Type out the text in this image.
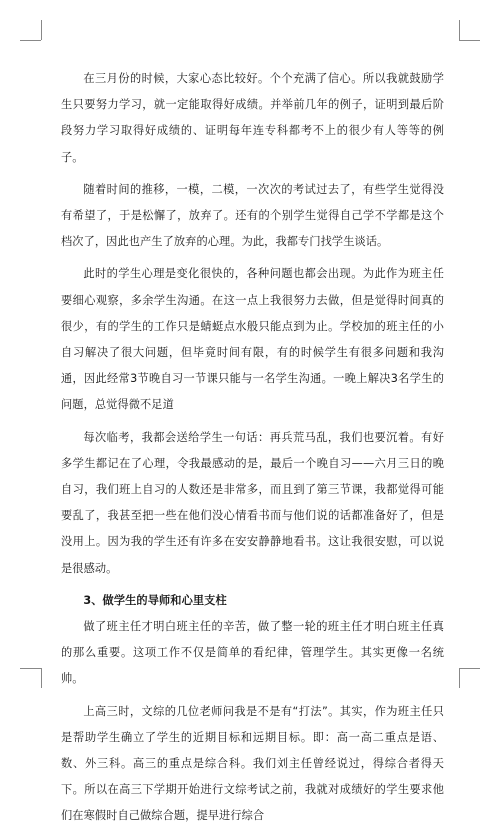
在三月份的时候，大家心态比较好。个个充满了信心。所以我就鼓励学生只要努力学习，就一定能取得好成绩。并举前几年的例子，证明到最后阶段努力学习取得好成绩的、证明每年连专科都考不上的很少有人等等的例子。

随着时间的推移，一模，二模，一次次的考试过去了，有些学生觉得没有希望了，于是松懈了，放弃了。还有的个别学生觉得自己学不学都是这个档次了，因此也产生了放弃的心理。为此，我都专门找学生谈话。

此时的学生心理是变化很快的，各种问题也都会出现。为此作为班主任要细心观察，多余学生沟通。在这一点上我很努力去做，但是觉得时间真的很少，有的学生的工作只是蜻蜓点水般只能点到为止。学校加的班主任的小自习解决了很大问题，但毕竟时间有限，有的时候学生有很多问题和我沟通，因此经常3节晚自习一节课只能与一名学生沟通。一晚上解决3名学生的问题，总觉得微不足道

每次临考，我都会送给学生一句话：再兵荒马乱，我们也要沉着。有好多学生都记在了心理，令我最感动的是，最后一个晚自习——六月三日的晚自习，我们班上自习的人数还是非常多，而且到了第三节课，我都觉得可能要乱了，我甚至把一些在他们没心情看书而与他们说的话都准备好了，但是没用上。因为我的学生还有许多在安安静静地看书。这让我很安慰，可以说是很感动。

3、做学生的导师和心里支柱

做了班主任才明白班主任的辛苦，做了整一轮的班主任才明白班主任真的那么重要。这项工作不仅是简单的看纪律，管理学生。其实更像一名统帅。

上高三时，文综的几位老师问我是不是有“打法”。其实，作为班主任只是帮助学生确立了学生的近期目标和远期目标。即：高一高二重点是语、数、外三科。高三的重点是综合科。我们刘主任曾经说过，得综合者得天下。所以在高三下学期开始进行文综考试之前，我就对成绩好的学生要求他们在寒假时自己做综合题，提早进行综合
